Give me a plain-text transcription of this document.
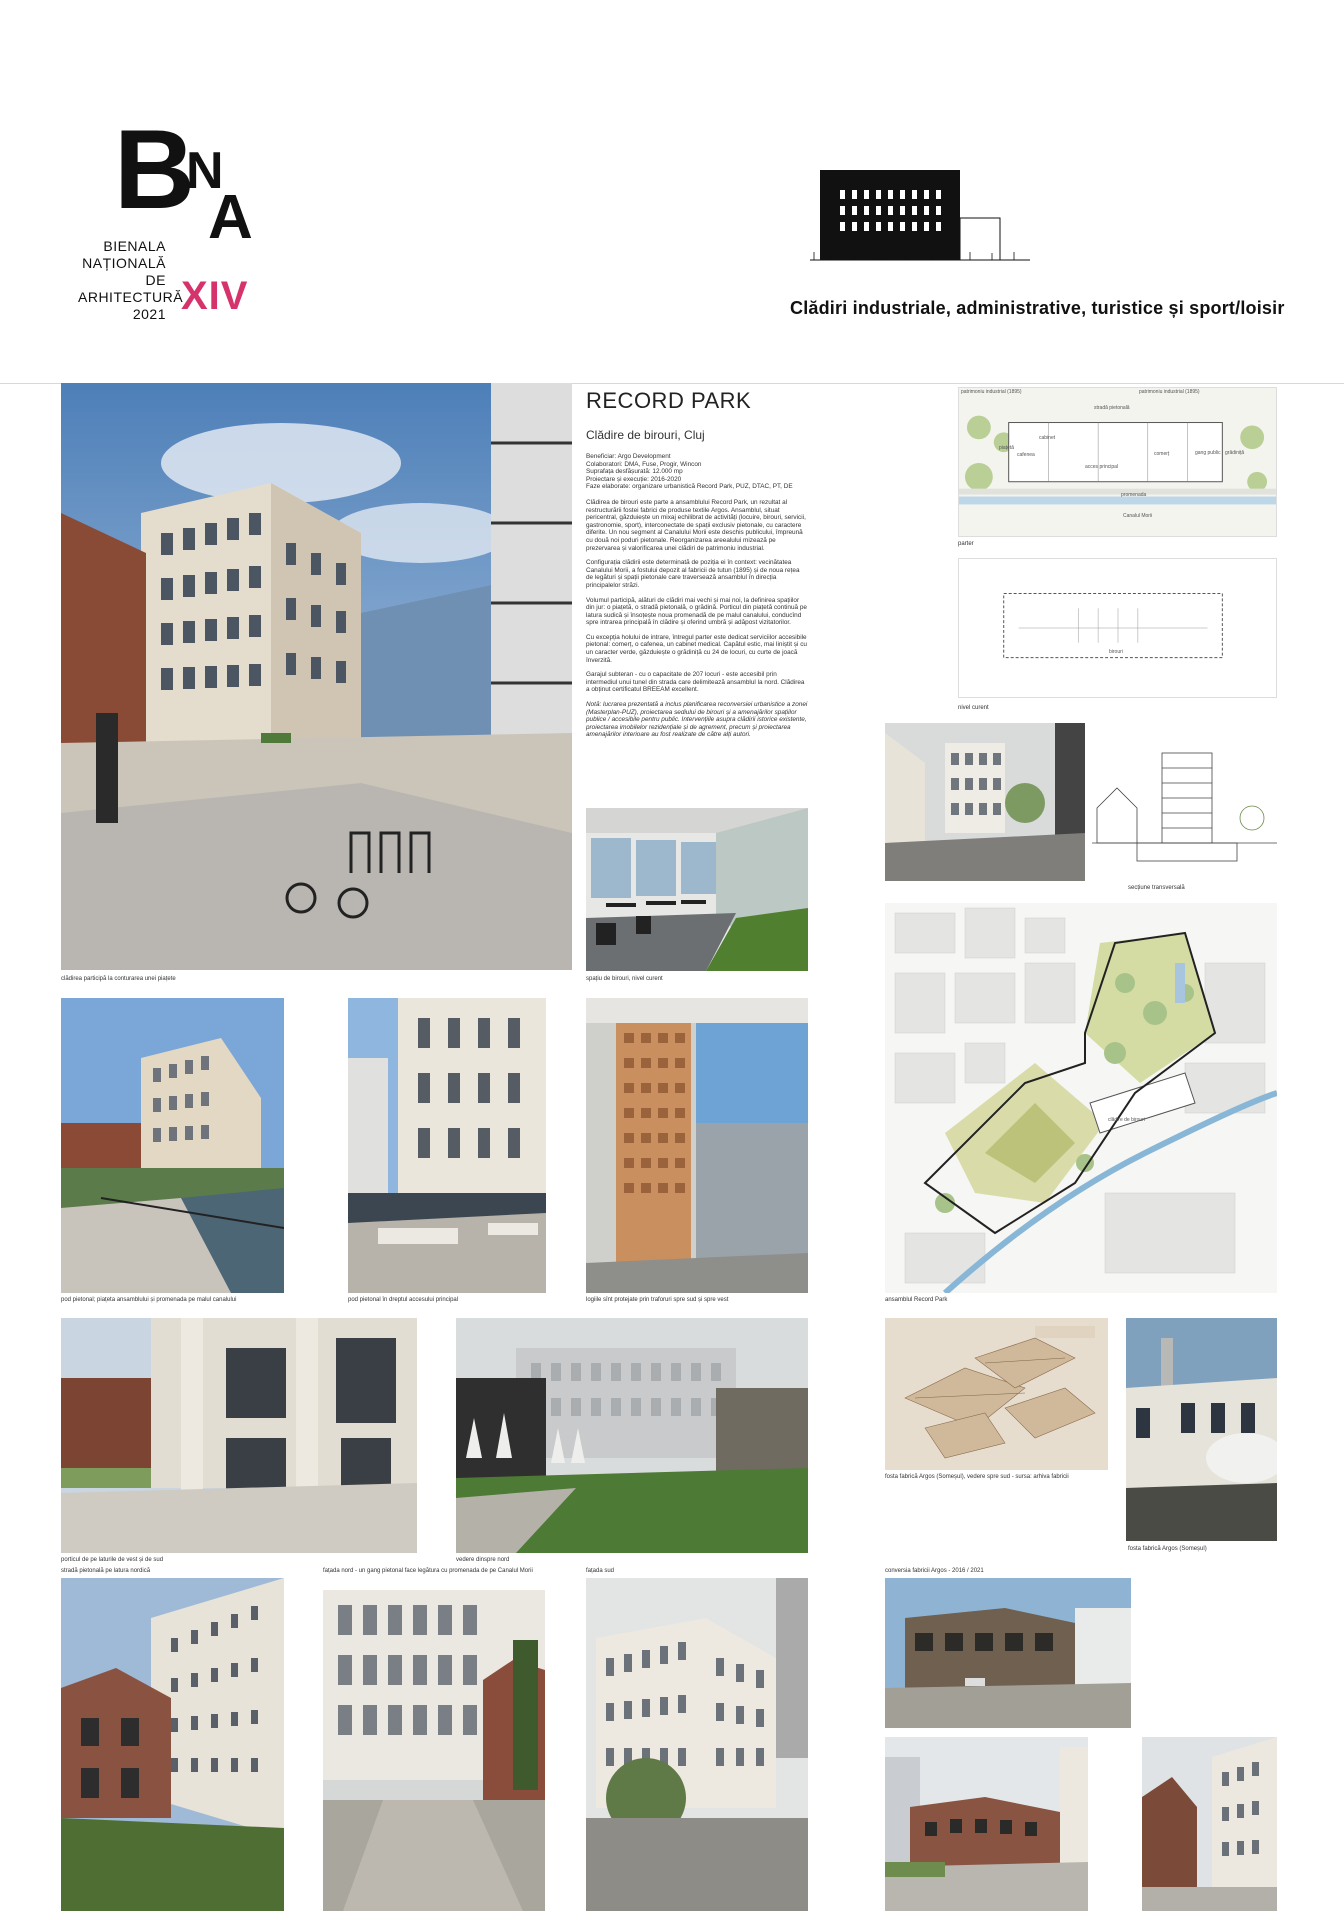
B
N
A
BIENALA
NAȚIONALĂ
DE
ARHITECTURĂ
2021 XIV	Clădiri industriale, administrative, turistice și sport/loisir
clădirea participă la conturarea unei piațete
pod pietonal; piațeta ansamblului și promenada pe malul canalului
porticul de pe laturile de vest și de sud
stradă pietonală pe latura nordică
RECORD PARK
Clădire de birouri, Cluj
Beneficiar: Argo Development
Colaboratori: DMA, Fuse, Progir, Wincon
Suprafața desfășurată: 12.000 mp
Proiectare și execuție: 2016-2020
Faze elaborate: organizare urbanistică Record Park, PUZ, DTAC, PT, DE

Clădirea de birouri este parte a ansamblului Record Park, un rezultat al restructurării fostei fabrici de produse textile Argos. Ansamblul, situat pericentral, găzduiește un mixaj echilibrat de activități (locuire, birouri, servicii, gastronomie, sport), interconectate de spații exclusiv pietonale, cu caractere diferite. Un nou segment al Canalului Morii este deschis publicului, împreună cu două noi poduri pietonale. Reorganizarea areealului mizează pe prezervarea și valorificarea unei clădiri de patrimoniu industrial.

Configurația clădirii este determinată de poziția ei în context: vecinătatea Canalului Morii, a fostului depozit al fabricii de tutun (1895) și de noua rețea de legături și spații pietonale care traversează ansamblul în direcția principalelor străzi.

Volumul participă, alături de clădiri mai vechi și mai noi, la definirea spațiilor din jur: o piațetă, o stradă pietonală, o grădină. Porticul din piațetă continuă pe latura sudică și însoțește noua promenadă de pe malul canalului, conducînd spre intrarea principală în clădire și oferind umbră și adăpost vizitatorilor.

Cu excepția holului de intrare, întregul parter este dedicat serviciilor accesibile pietonal: comerț, o cafenea, un cabinet medical. Capătul estic, mai liniștit și cu un caracter verde, găzduiește o grădiniță cu 24 de locuri, cu curte de joacă înverzită.

Garajul subteran - cu o capacitate de 207 locuri - este accesibil prin intermediul unui tunel din strada care delimitează ansamblul la nord. Clădirea a obținut certificatul BREEAM excellent.

Notă: lucrarea prezentată a inclus planificarea reconversiei urbanistice a zonei (Masterplan-PUZ), proiectarea sediului de birouri și a amenajărilor spațiilor publice / accesibile pentru public. Intervențiile asupra clădirii istorice existente, proiectarea imobilelor rezidențiale și de agrement, precum și proiectarea amenajărilor interioare au fost realizate de către alți autori.

spațiu de birouri, nivel curent
pod pietonal în dreptul accesului principal	logiile sînt protejate prin traforuri spre sud și spre vest
vedere dinspre nord
fațada nord - un gang pietonal face legătura cu promenada de pe Canalul Morii	fațada sud
patrimoniu industrial (1895)	patrimoniu industrial (1895)
stradă pietonală
cabinet
piațetă
cafenea
acces principal
comerț	gang public grădiniță
promenada
Canalul Morii
parter
birouri
nivel curent
secțiune transversală
clădire de birouri
ansamblul Record Park
fosta fabrică Argos (Someșul), vedere spre sud - sursa: arhiva fabricii
fosta fabrică Argos (Someșul)
conversia fabricii Argos - 2016 / 2021
